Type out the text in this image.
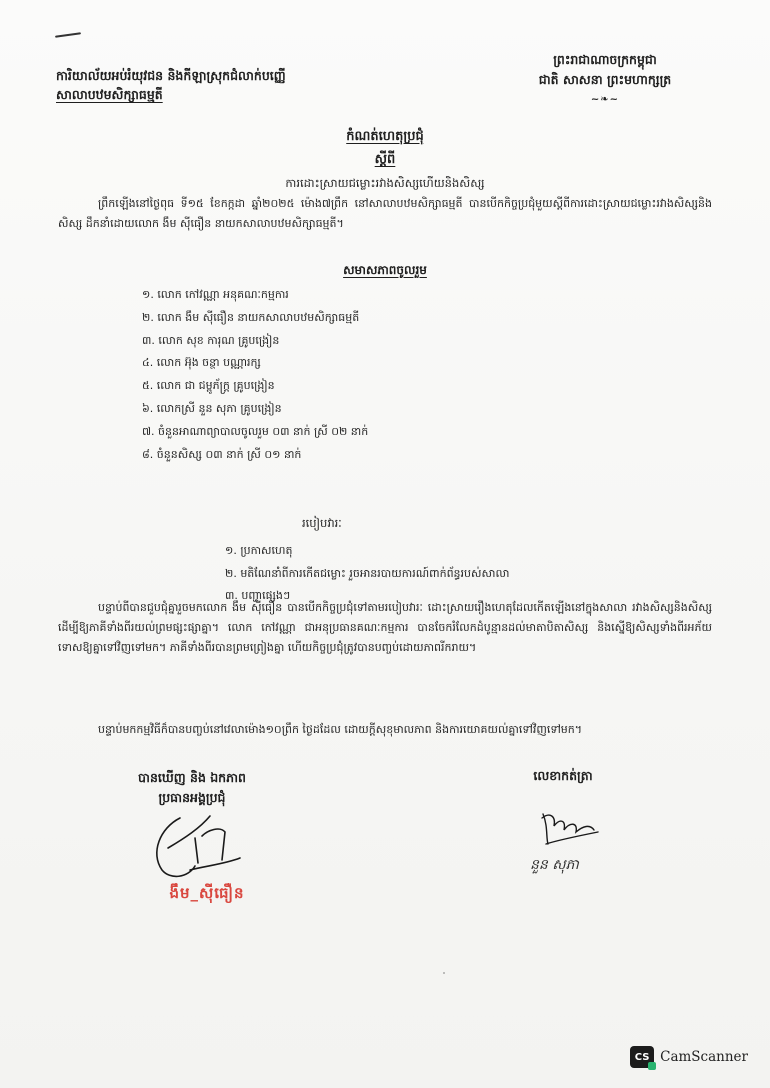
ព្រះរាជាណាចក្រកម្ពុជា
ជាតិ សាសនា ព្រះមហាក្សត្រ
~❧~
ការិយាល័យអប់រំយុវជន និងកីឡាស្រុកជំលាក់បញ្ញើ
សាលាបឋមសិក្សាធម្មតី
កំណត់ហេតុប្រជុំ
ស្តីពី
ការដោះស្រាយជម្លោះរវាងសិស្សហើយនិងសិស្ស
ព្រឹកឡើងនៅថ្ងៃពុធ ទី១៥ ខែកក្កដា ឆ្នាំ២០២៥ ម៉ោង៧ព្រឹក នៅសាលាបឋមសិក្សាធម្មតី បានបើកកិច្ចប្រជុំមួយស្តីពីការដោះស្រាយជម្លោះរវាងសិស្សនិងសិស្ស ដឹកនាំដោយលោក ងឹម ស៊ីធឿន នាយកសាលាបឋមសិក្សាធម្មតី។
សមាសភាពចូលរួម
១. លោក កៅវណ្ណា អនុគណៈកម្មការ
២. លោក ងឹម ស៊ីធឿន នាយកសាលាបឋមសិក្សាធម្មតី
៣. លោក សុខ ការុណ គ្រូបង្រៀន
៤. លោក អ៊ុង ចន្ថា បណ្ណារក្ស
៥. លោក ជា ជម្ពូភ័ក្ត្រ គ្រូបង្រៀន
៦. លោកស្រី នួន សុភា គ្រូបង្រៀន
៧. ចំនួនអាណាព្យាបាលចូលរួម ០៣ នាក់ ស្រី ០២ នាក់
៨. ចំនួនសិស្ស ០៣ នាក់ ស្រី ០១ នាក់
របៀបវារៈ
១. ប្រកាសហេតុ
២. មតិណែនាំពីការកើតជម្លោះ រួចអានរបាយការណ៍ពាក់ព័ន្ធរបស់សាលា
៣. បញ្ហាផ្សេងៗ
បន្ទាប់ពីបានជួបជុំគ្នារួចមកលោក ងឹម ស៊ីធឿន បានបើកកិច្ចប្រជុំទៅតាមរបៀបវារៈ ដោះស្រាយរឿងហេតុដែលកើតឡើងនៅក្នុងសាលា រវាងសិស្សនិងសិស្ស ដើម្បីឱ្យភាគីទាំងពីរយល់ព្រមផ្សះផ្សាគ្នា។ លោក កៅវណ្ណា ជាអនុប្រធានគណៈកម្មការ បានចែករំលែកដំបូន្មានដល់មាតាបិតាសិស្ស និងស្នើឱ្យសិស្សទាំងពីរអភ័យទោសឱ្យគ្នាទៅវិញទៅមក។ ភាគីទាំងពីរបានព្រមព្រៀងគ្នា ហើយកិច្ចប្រជុំត្រូវបានបញ្ចប់ដោយភាពរីករាយ។
បន្ទាប់មកកម្មវិធីក៏បានបញ្ចប់នៅវេលាម៉ោង១០ព្រឹក ថ្ងៃដដែល ដោយក្តីសុខុមាលភាព និងការយោគយល់គ្នាទៅវិញទៅមក។
បានឃើញ និង ឯកភាព
ប្រធានអង្គប្រជុំ
ងឹម_ស៊ីធឿន
លេខាកត់ត្រា
នួន សុភា
CS CamScanner
